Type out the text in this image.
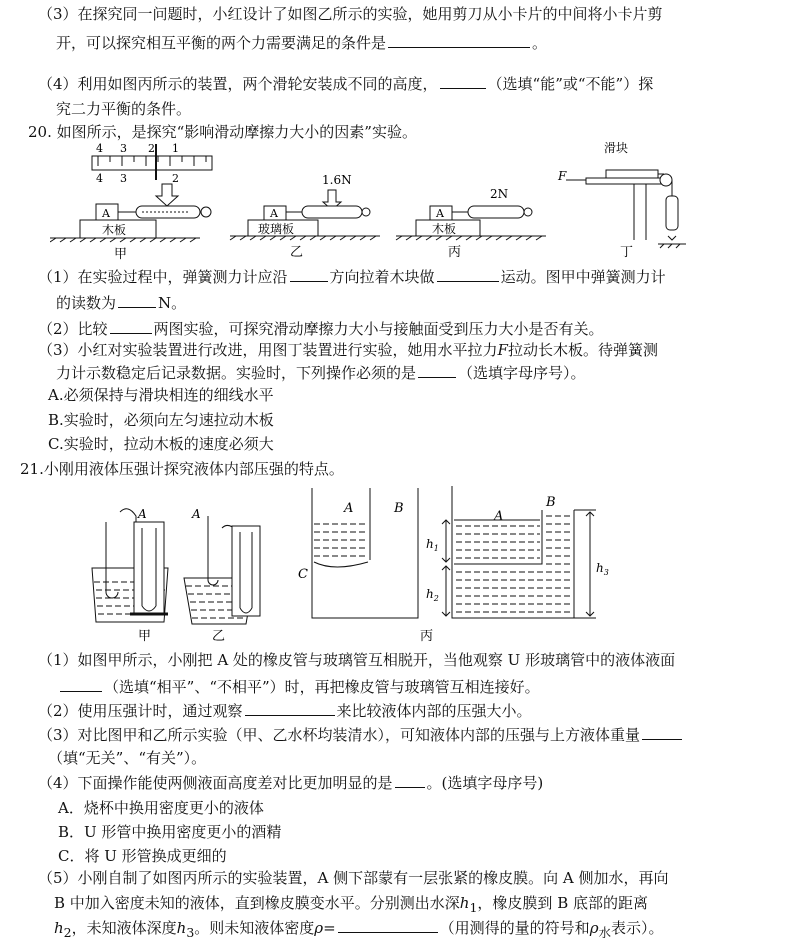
（3）在探究同一问题时，小红设计了如图乙所示的实验，她用剪刀从小卡片的中间将小卡片剪
开，可以探究相互平衡的两个力需要满足的条件是	。
（4）利用如图丙所示的装置，两个滑轮安装成不同的高度，	（选填“能”或“不能”）探
究二力平衡的条件。
20. 如图所示，是探究“影响滑动摩擦力大小的因素”实验。
4 3 2 1
4 3	2
A
木板
甲
1.6N
A
玻璃板
乙
2N
A
木板
丙
滑块
F
丁
（1）在实验过程中，弹簧测力计应沿	方向拉着木块做	运动。图甲中弹簧测力计
的读数为	N。
（2）比较	两图实验，可探究滑动摩擦力大小与接触面受到压力大小是否有关。
（3）小红对实验装置进行改进，用图丁装置进行实验，她用水平拉力F拉动长木板。待弹簧测
力计示数稳定后记录数据。实验时，下列操作必须的是	（选填字母序号）。
A.必须保持与滑块相连的细线水平
B.实验时，必须向左匀速拉动木板
C.实验时，拉动木板的速度必须大
21.小刚用液体压强计探究液体内部压强的特点。
A
甲
A
乙
A	B
C
A
B
$h_1$
$h_2$
$h_3$
丙
（1）如图甲所示，小刚把 A 处的橡皮管与玻璃管互相脱开，当他观察 U 形玻璃管中的液体液面
（选填“相平”、“不相平”）时，再把橡皮管与玻璃管互相连接好。
（2）使用压强计时，通过观察	来比较液体内部的压强大小。
（3）对比图甲和乙所示实验（甲、乙水杯均装清水），可知液体内部的压强与上方液体重量
（填“无关”、“有关”）。
（4）下面操作能使两侧液面高度差对比更加明显的是 。(选填字母序号)
A．烧杯中换用密度更小的液体
B．U 形管中换用密度更小的酒精
C．将 U 形管换成更细的
（5）小刚自制了如图丙所示的实验装置，A 侧下部蒙有一层张紧的橡皮膜。向 A 侧加水，再向
B 中加入密度未知的液体，直到橡皮膜变水平。分别测出水深$h_1$，橡皮膜到 B 底部的距离
$h_2$，未知液体深度$h_3$。则未知液体密度ρ=	（用测得的量的符号和$\rho_水$表示）。
